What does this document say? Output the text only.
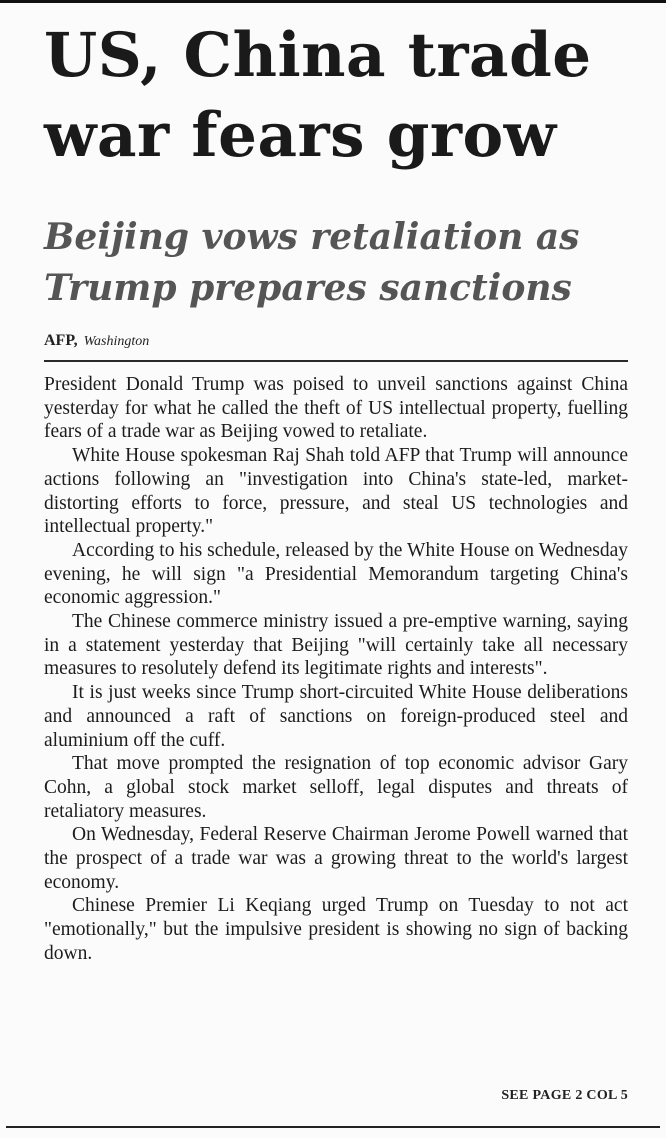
US, China trade war fears grow
Beijing vows retaliation as Trump prepares sanctions
AFP, Washington

President Donald Trump was poised to unveil sanctions against China yesterday for what he called the theft of US intellectual property, fuelling fears of a trade war as Beijing vowed to retaliate.

White House spokesman Raj Shah told AFP that Trump will announce actions following an "investigation into China's state-led, market-distorting efforts to force, pressure, and steal US technologies and intellectual property."

According to his schedule, released by the White House on Wednesday evening, he will sign "a Presidential Memorandum targeting China's economic aggression."

The Chinese commerce ministry issued a pre-emptive warning, saying in a statement yesterday that Beijing "will certainly take all necessary measures to resolutely defend its legitimate rights and interests".

It is just weeks since Trump short-circuited White House deliberations and announced a raft of sanctions on foreign-produced steel and aluminium off the cuff.

That move prompted the resignation of top economic advisor Gary Cohn, a global stock market selloff, legal disputes and threats of retaliatory measures.

On Wednesday, Federal Reserve Chairman Jerome Powell warned that the prospect of a trade war was a growing threat to the world's largest economy.

Chinese Premier Li Keqiang urged Trump on Tuesday to not act "emotionally," but the impulsive president is showing no sign of backing down.

SEE PAGE 2 COL 5
